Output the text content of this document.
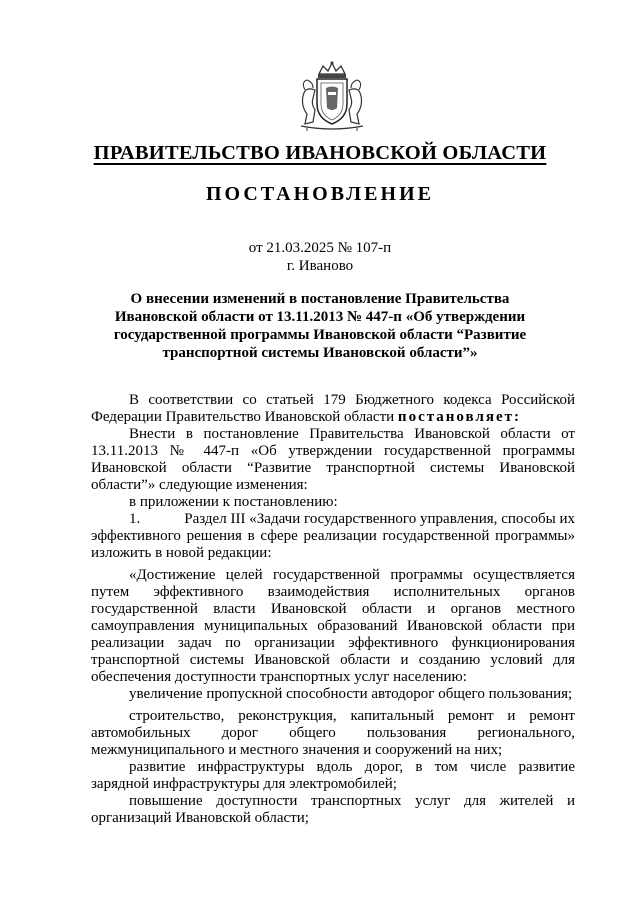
ПРАВИТЕЛЬСТВО ИВАНОВСКОЙ ОБЛАСТИ
ПОСТАНОВЛЕНИЕ
от 21.03.2025 № 107-п
г. Иваново
О внесении изменений в постановление Правительства
Ивановской области от 13.11.2013 № 447-п «Об утверждении
государственной программы Ивановской области “Развитие
транспортной системы Ивановской области”»

В соответствии со статьей 179 Бюджетного кодекса Российской Федерации Правительство Ивановской области постановляет:

Внести в постановление Правительства Ивановской области от 13.11.2013 № 447-п «Об утверждении государственной программы Ивановской области “Развитие транспортной системы Ивановской области”» следующие изменения:

в приложении к постановлению:

1.	Раздел III «Задачи государственного управления, способы их эффективного решения в сфере реализации государственной программы» изложить в новой редакции:

«Достижение целей государственной программы осуществляется путем эффективного взаимодействия исполнительных органов государственной власти Ивановской области и органов местного самоуправления муниципальных образований Ивановской области при реализации задач по организации эффективного функционирования транспортной системы Ивановской области и созданию условий для обеспечения доступности транспортных услуг населению:

увеличение пропускной способности автодорог общего пользования;

строительство, реконструкция, капитальный ремонт и ремонт автомобильных дорог общего пользования регионального, межмуниципального и местного значения и сооружений на них;

развитие инфраструктуры вдоль дорог, в том числе развитие зарядной инфраструктуры для электромобилей;

повышение доступности транспортных услуг для жителей и организаций Ивановской области;
